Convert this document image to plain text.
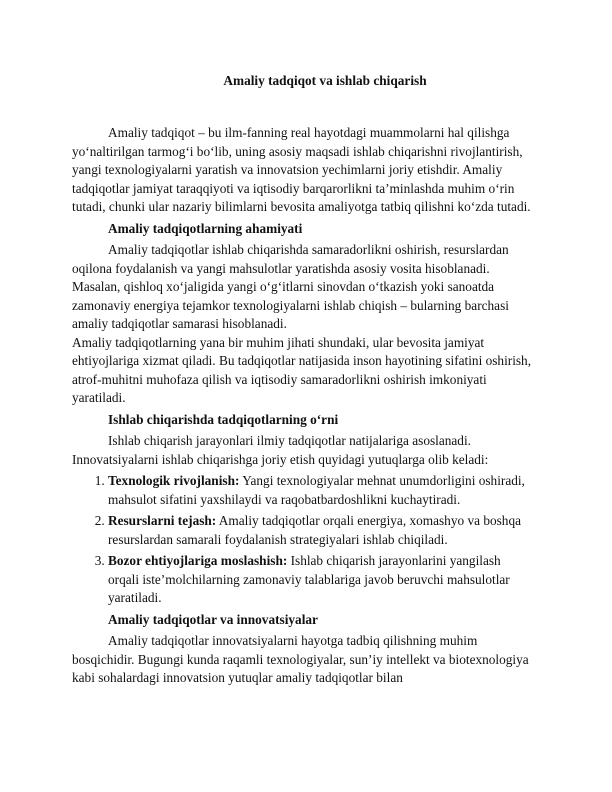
Amaliy tadqiqot va ishlab chiqarish

Amaliy tadqiqot – bu ilm-fanning real hayotdagi muammolarni hal qilishga yo‘naltirilgan tarmog‘i bo‘lib, uning asosiy maqsadi ishlab chiqarishni rivojlantirish, yangi texnologiyalarni yaratish va innovatsion yechimlarni joriy etishdir. Amaliy tadqiqotlar jamiyat taraqqiyoti va iqtisodiy barqarorlikni ta’minlashda muhim o‘rin tutadi, chunki ular nazariy bilimlarni bevosita amaliyotga tatbiq qilishni ko‘zda tutadi.

Amaliy tadqiqotlarning ahamiyati

Amaliy tadqiqotlar ishlab chiqarishda samaradorlikni oshirish, resurslardan oqilona foydalanish va yangi mahsulotlar yaratishda asosiy vosita hisoblanadi. Masalan, qishloq xo‘jaligida yangi o‘g‘itlarni sinovdan o‘tkazish yoki sanoatda zamonaviy energiya tejamkor texnologiyalarni ishlab chiqish – bularning barchasi amaliy tadqiqotlar samarasi hisoblanadi.

Amaliy tadqiqotlarning yana bir muhim jihati shundaki, ular bevosita jamiyat ehtiyojlariga xizmat qiladi. Bu tadqiqotlar natijasida inson hayotining sifatini oshirish, atrof-muhitni muhofaza qilish va iqtisodiy samaradorlikni oshirish imkoniyati yaratiladi.

Ishlab chiqarishda tadqiqotlarning o‘rni

Ishlab chiqarish jarayonlari ilmiy tadqiqotlar natijalariga asoslanadi. Innovatsiyalarni ishlab chiqarishga joriy etish quyidagi yutuqlarga olib keladi:

1. Texnologik rivojlanish: Yangi texnologiyalar mehnat unumdorligini oshiradi, mahsulot sifatini yaxshilaydi va raqobatbardoshlikni kuchaytiradi.
2. Resurslarni tejash: Amaliy tadqiqotlar orqali energiya, xomashyo va boshqa resurslardan samarali foydalanish strategiyalari ishlab chiqiladi.
3. Bozor ehtiyojlariga moslashish: Ishlab chiqarish jarayonlarini yangilash orqali iste’molchilarning zamonaviy talablariga javob beruvchi mahsulotlar yaratiladi.

Amaliy tadqiqotlar va innovatsiyalar

Amaliy tadqiqotlar innovatsiyalarni hayotga tadbiq qilishning muhim bosqichidir. Bugungi kunda raqamli texnologiyalar, sun’iy intellekt va biotexnologiya kabi sohalardagi innovatsion yutuqlar amaliy tadqiqotlar bilan
